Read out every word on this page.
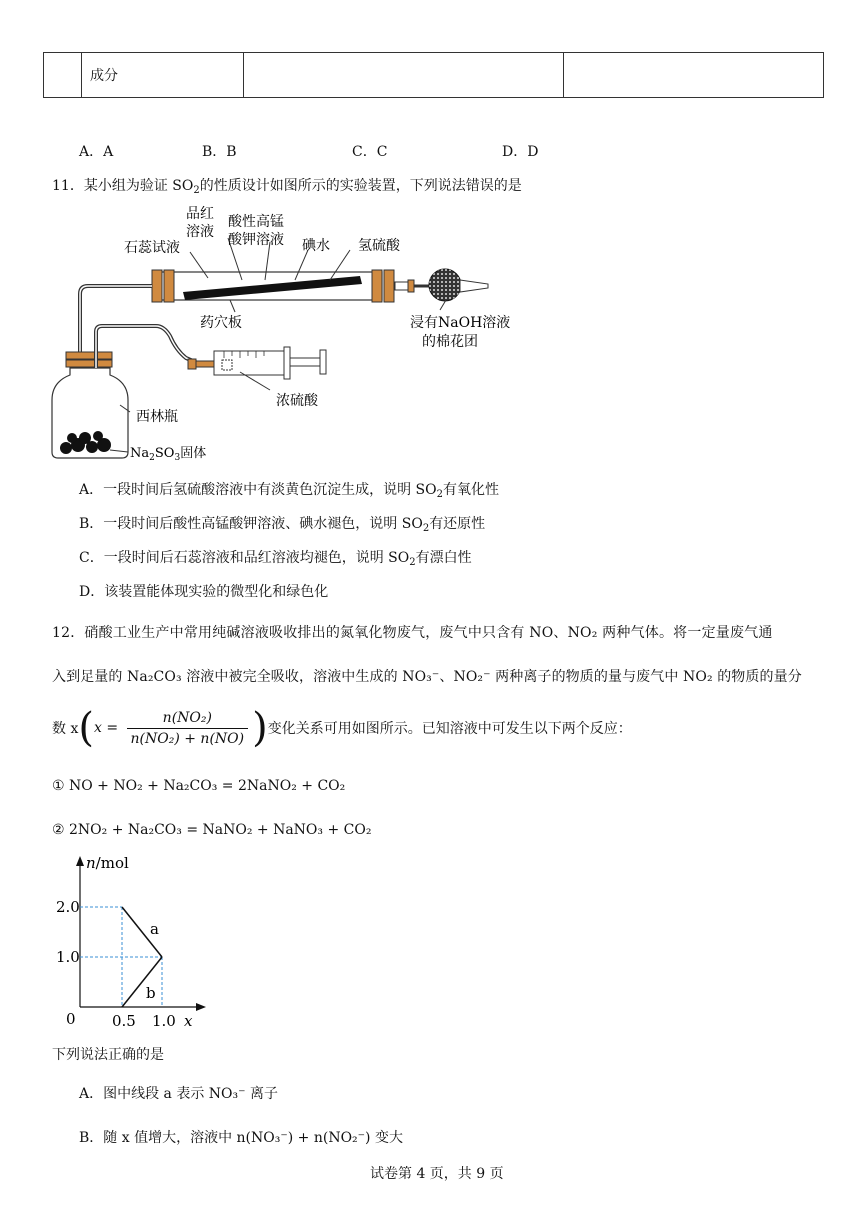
	成分		
A．A	B．B	C．C	D．D
11．某小组为验证 $SO_2$的性质设计如图所示的实验装置，下列说法错误的是
品红
溶液
酸性高锰
酸钾溶液
石蕊试液	碘水 氢硫酸
药穴板	浸有NaOH溶液
的棉花团
浓硫酸
西林瓶
$Na_2SO_3$固体
A．一段时间后氢硫酸溶液中有淡黄色沉淀生成，说明 $SO_2$有氧化性
B．一段时间后酸性高锰酸钾溶液、碘水褪色，说明 $SO_2$有还原性
C．一段时间后石蕊溶液和品红溶液均褪色，说明 $SO_2$有漂白性
D．该装置能体现实验的微型化和绿色化
12．硝酸工业生产中常用纯碱溶液吸收排出的氮氧化物废气，废气中只含有 NO、NO₂ 两种气体。将一定量废气通
入到足量的 Na₂CO₃ 溶液中被完全吸收，溶液中生成的 NO₃⁻、NO₂⁻ 两种离子的物质的量与废气中 NO₂ 的物质的量分
数 $x(x = \frac{\text{n(NO₂)}}{\text{n(NO₂) + n(NO)}}$ )变化关系可用如图所示。已知溶液中可发生以下两个反应：
① NO + NO₂ + Na₂CO₃ = 2NaNO₂ + CO₂
② 2NO₂ + Na₂CO₃ = NaNO₂ + NaNO₃ + CO₂
n/mol
2.0
1.0
0 0.5 1.0 x
a
b
下列说法正确的是
A．图中线段 a 表示 NO₃⁻ 离子
B．随 x 值增大，溶液中 n(NO₃⁻) + n(NO₂⁻) 变大
试卷第 4 页，共 9 页
